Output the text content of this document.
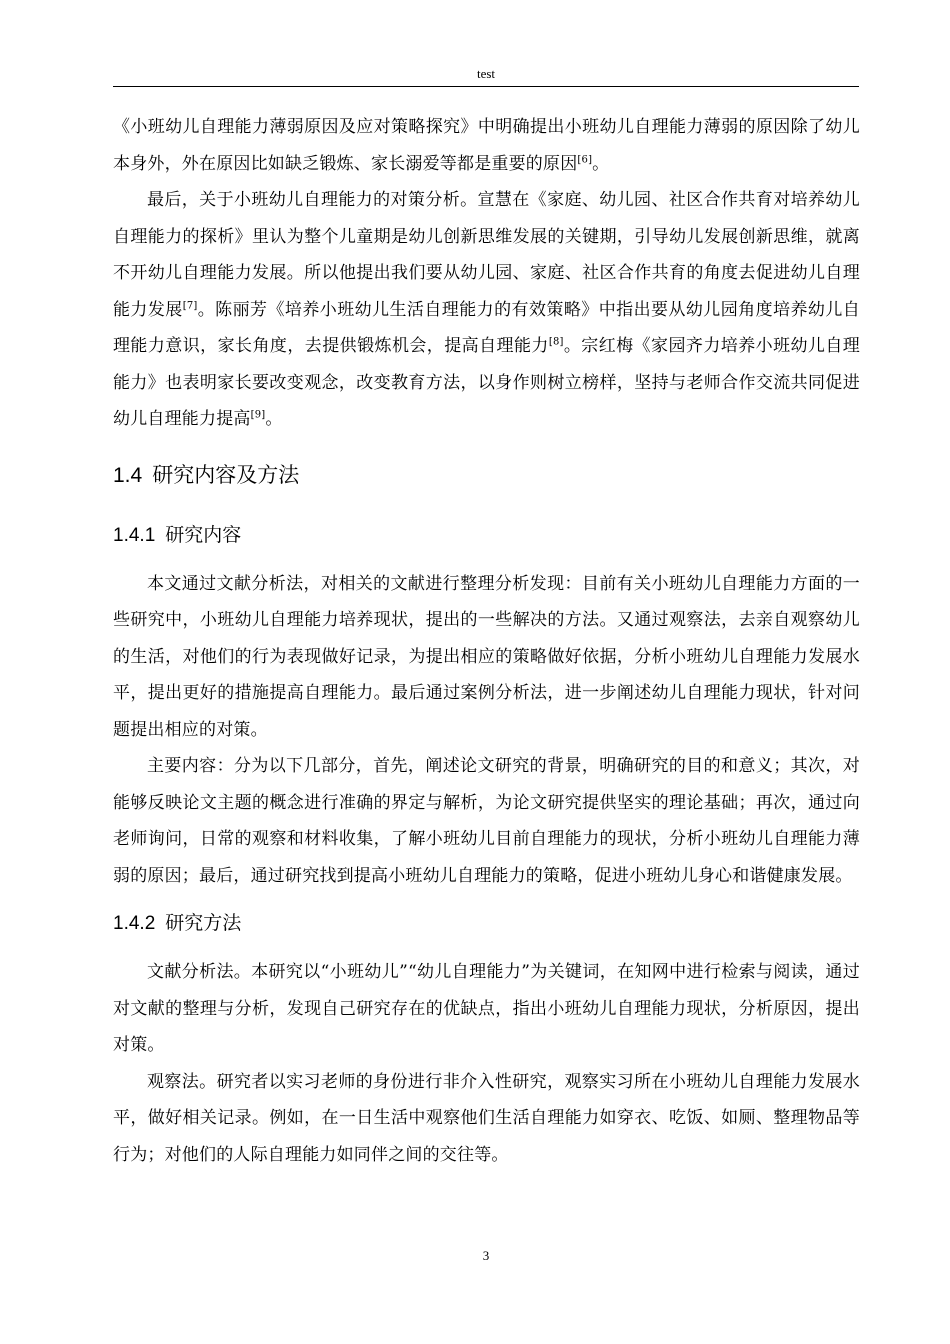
test

《小班幼儿自理能力薄弱原因及应对策略探究》中明确提出小班幼儿自理能力薄弱的原因除了幼儿本身外，外在原因比如缺乏锻炼、家长溺爱等都是重要的原因[6]。

最后，关于小班幼儿自理能力的对策分析。宣慧在《家庭、幼儿园、社区合作共育对培养幼儿自理能力的探析》里认为整个儿童期是幼儿创新思维发展的关键期，引导幼儿发展创新思维，就离不开幼儿自理能力发展。所以他提出我们要从幼儿园、家庭、社区合作共育的角度去促进幼儿自理能力发展[7]。陈丽芳《培养小班幼儿生活自理能力的有效策略》中指出要从幼儿园角度培养幼儿自理能力意识，家长角度，去提供锻炼机会，提高自理能力[8]。宗红梅《家园齐力培养小班幼儿自理能力》也表明家长要改变观念，改变教育方法，以身作则树立榜样，坚持与老师合作交流共同促进幼儿自理能力提高[9]。

1.4 研究内容及方法
1.4.1 研究内容

本文通过文献分析法，对相关的文献进行整理分析发现：目前有关小班幼儿自理能力方面的一些研究中，小班幼儿自理能力培养现状，提出的一些解决的方法。又通过观察法，去亲自观察幼儿的生活，对他们的行为表现做好记录，为提出相应的策略做好依据，分析小班幼儿自理能力发展水平，提出更好的措施提高自理能力。最后通过案例分析法，进一步阐述幼儿自理能力现状，针对问题提出相应的对策。

主要内容：分为以下几部分，首先，阐述论文研究的背景，明确研究的目的和意义；其次，对能够反映论文主题的概念进行准确的界定与解析，为论文研究提供坚实的理论基础；再次，通过向老师询问，日常的观察和材料收集，了解小班幼儿目前自理能力的现状，分析小班幼儿自理能力薄弱的原因；最后，通过研究找到提高小班幼儿自理能力的策略，促进小班幼儿身心和谐健康发展。

1.4.2 研究方法

文献分析法。本研究以“小班幼儿”“幼儿自理能力”为关键词，在知网中进行检索与阅读，通过对文献的整理与分析，发现自己研究存在的优缺点，指出小班幼儿自理能力现状，分析原因，提出对策。

观察法。研究者以实习老师的身份进行非介入性研究，观察实习所在小班幼儿自理能力发展水平，做好相关记录。例如，在一日生活中观察他们生活自理能力如穿衣、吃饭、如厕、整理物品等行为；对他们的人际自理能力如同伴之间的交往等。

3
